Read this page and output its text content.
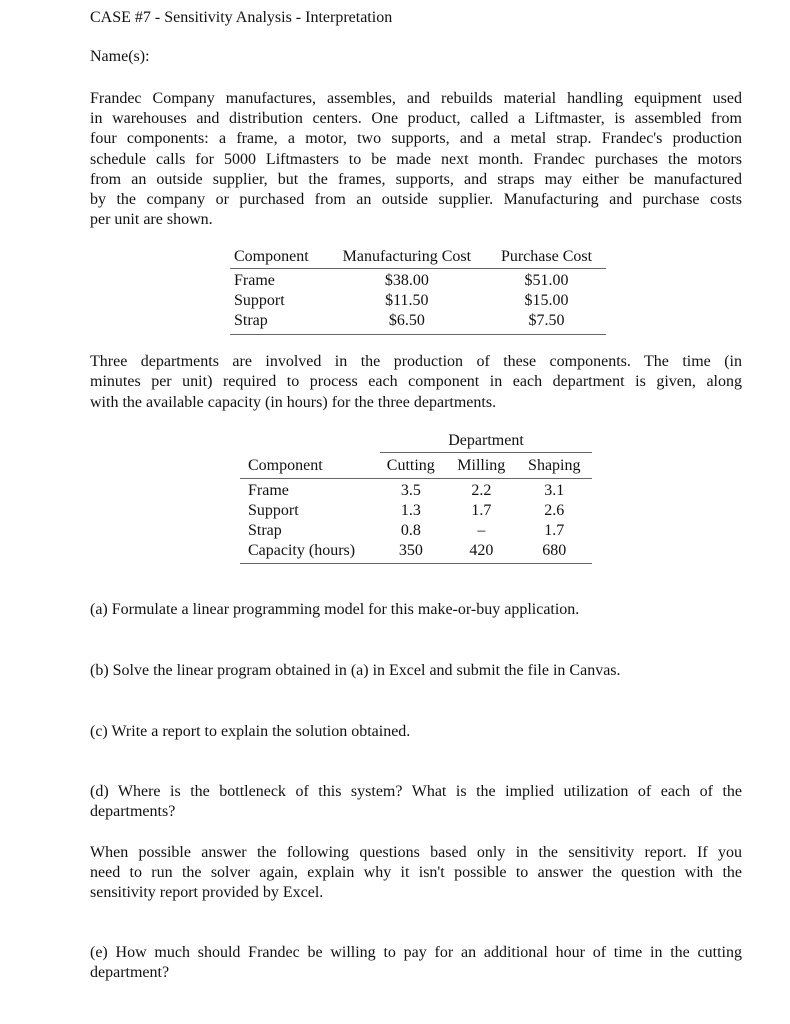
CASE #7 - Sensitivity Analysis - Interpretation
Name(s):
Frandec Company manufactures, assembles, and rebuilds material handling equipment used
in warehouses and distribution centers. One product, called a Liftmaster, is assembled from
four components: a frame, a motor, two supports, and a metal strap. Frandec's production
schedule calls for 5000 Liftmasters to be made next month. Frandec purchases the motors
from an outside supplier, but the frames, supports, and straps may either be manufactured
by the company or purchased from an outside supplier. Manufacturing and purchase costs
per unit are shown.
Component	Manufacturing Cost	Purchase Cost

Frame	$38.00	$51.00
Support	$11.50	$15.00
Strap	$6.50	$7.50
Three departments are involved in the production of these components. The time (in
minutes per unit) required to process each component in each department is given, along
with the available capacity (in hours) for the three departments.
Department
Component	Cutting	Milling	Shaping

Frame	3.5	2.2	3.1
Support	1.3	1.7	2.6
Strap	0.8	–	1.7
Capacity (hours)	350	420	680
(a) Formulate a linear programming model for this make-or-buy application.
(b) Solve the linear program obtained in (a) in Excel and submit the file in Canvas.
(c) Write a report to explain the solution obtained.
(d) Where is the bottleneck of this system? What is the implied utilization of each of the
departments?
When possible answer the following questions based only in the sensitivity report. If you
need to run the solver again, explain why it isn't possible to answer the question with the
sensitivity report provided by Excel.
(e) How much should Frandec be willing to pay for an additional hour of time in the cutting
department?
